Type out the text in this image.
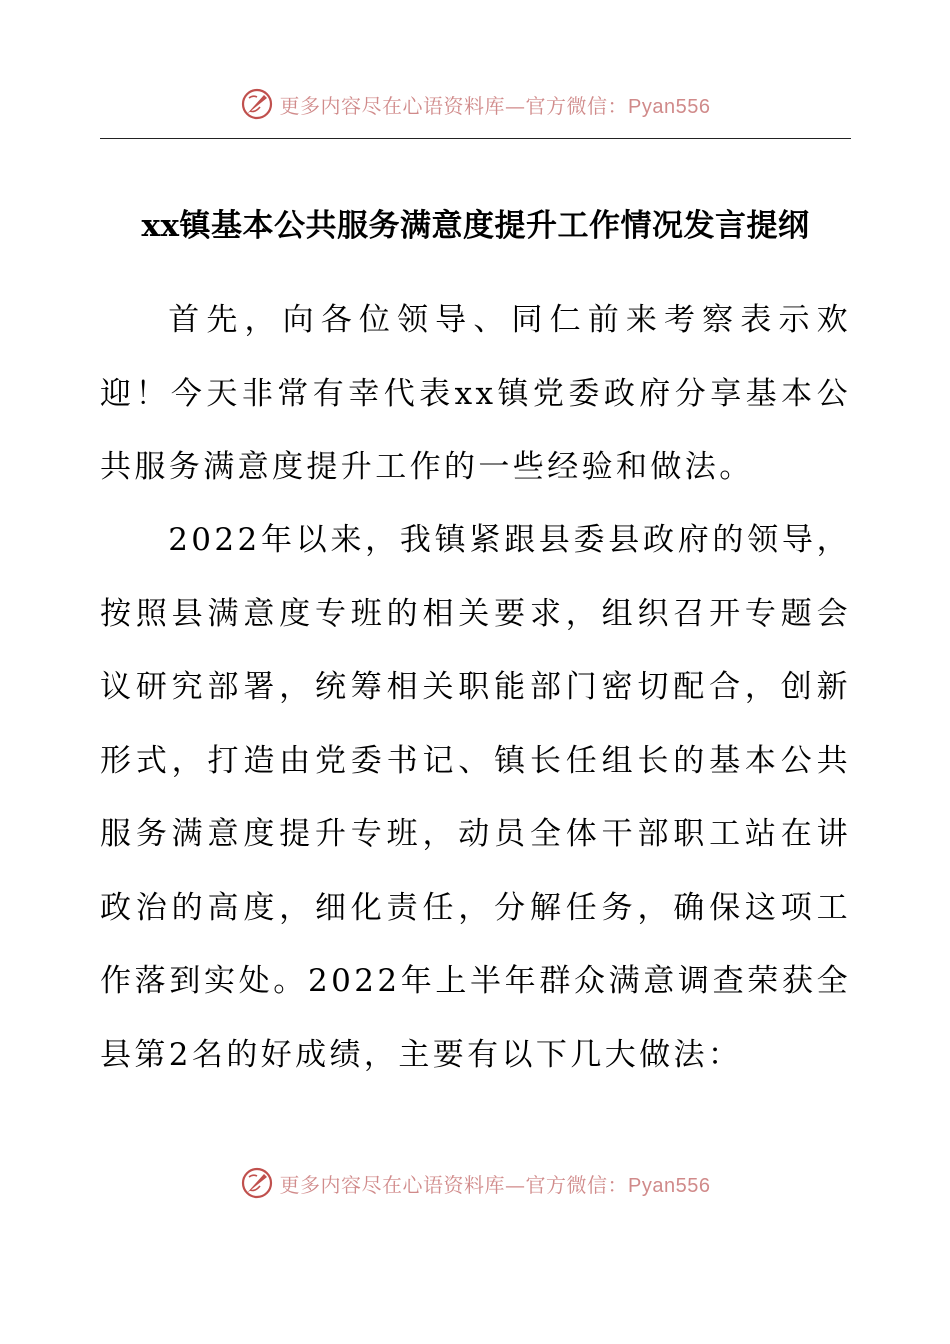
更多内容尽在心语资料库—官方微信：Pyan556
xx镇基本公共服务满意度提升工作情况发言提纲

首先，向各位领导、同仁前来考察表示欢迎！今天非常有幸代表xx镇党委政府分享基本公共服务满意度提升工作的一些经验和做法。

2022年以来，我镇紧跟县委县政府的领导，按照县满意度专班的相关要求，组织召开专题会议研究部署，统筹相关职能部门密切配合，创新形式，打造由党委书记、镇长任组长的基本公共服务满意度提升专班，动员全体干部职工站在讲政治的高度，细化责任，分解任务，确保这项工作落到实处。2022年上半年群众满意调查荣获全县第2名的好成绩，主要有以下几大做法：

更多内容尽在心语资料库—官方微信：Pyan556
